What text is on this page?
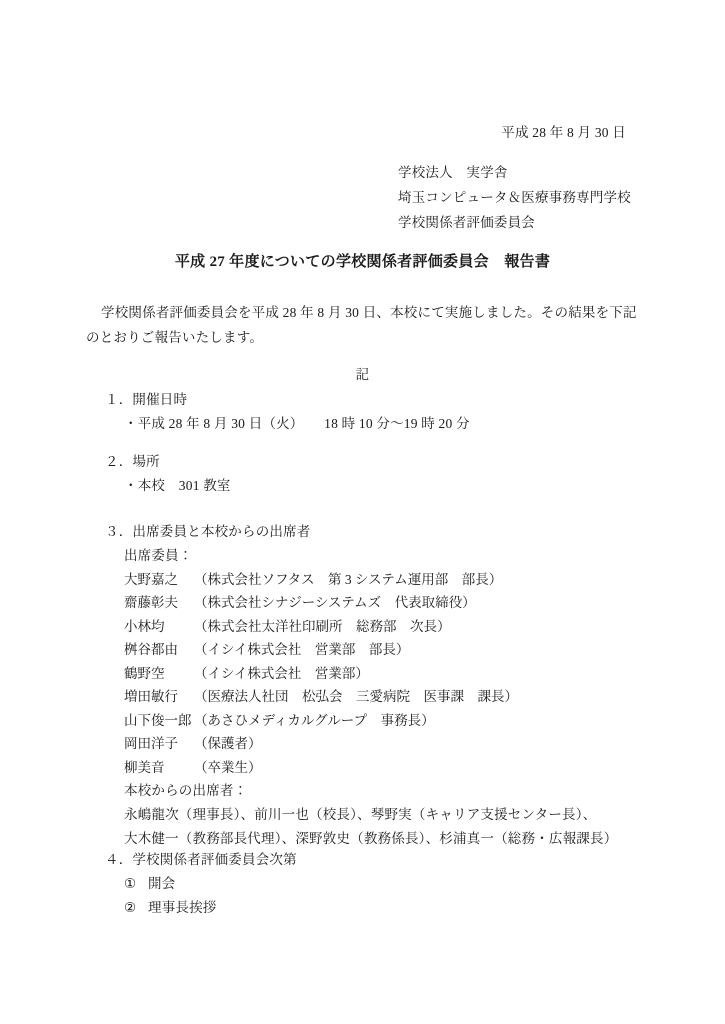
平成 28 年 8 月 30 日
学校法人　実学舎
埼玉コンピュータ＆医療事務専門学校
学校関係者評価委員会
平成 27 年度についての学校関係者評価委員会　報告書
学校関係者評価委員会を平成 28 年 8 月 30 日、本校にて実施しました。その結果を下記
のとおりご報告いたします。
記
１．開催日時
・平成 28 年 8 月 30 日（火）　　18 時 10 分〜19 時 20 分
２．場所
・本校　301 教室
３．出席委員と本校からの出席者
出席委員：
大野嘉之 （株式会社ソフタス　第 3 システム運用部　部長）
齋藤彰夫 （株式会社シナジーシステムズ　代表取締役）
小林均 （株式会社太洋社印刷所　総務部　次長）
桝谷都由 （イシイ株式会社　営業部　部長）
鶴野空 （イシイ株式会社　営業部）
増田敏行 （医療法人社団　松弘会　三愛病院　医事課　課長）
山下俊一郎 （あさひメディカルグループ　事務長）
岡田洋子 （保護者）
柳美音 （卒業生）
本校からの出席者：
永嶋龍次（理事長）、前川一也（校長）、琴野実（キャリア支援センター長）、
大木健一（教務部長代理）、深野敦史（教務係長）、杉浦真一（総務・広報課長）
４．学校関係者評価委員会次第
① 開会
② 理事長挨拶
